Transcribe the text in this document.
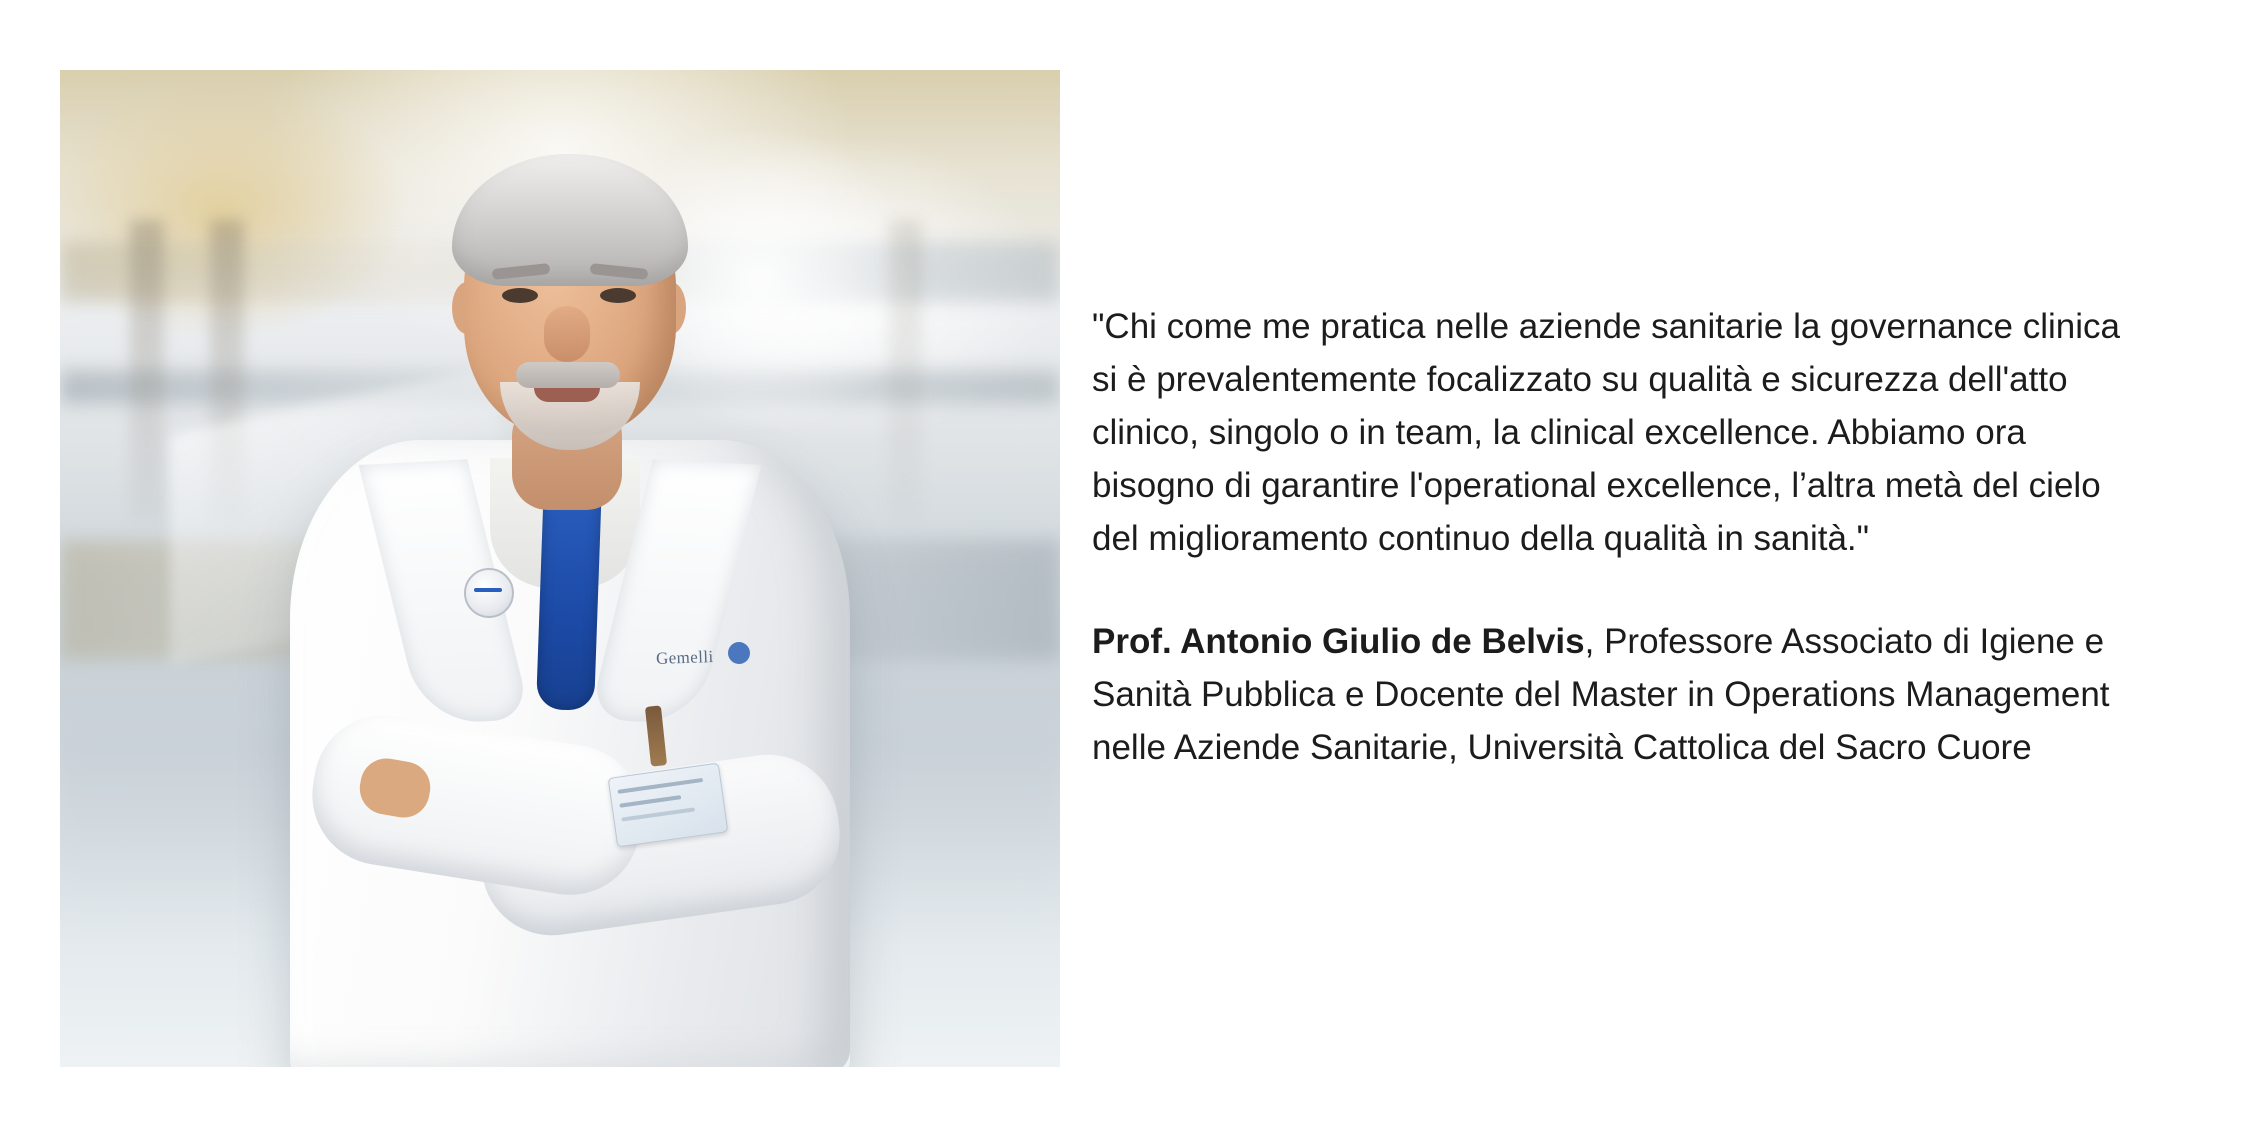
Gemelli

"Chi come me pratica nelle aziende sanitarie la governance clinica si è prevalentemente focalizzato su qualità e sicurezza dell'atto clinico, singolo o in team, la clinical excellence. Abbiamo ora bisogno di garantire l'operational excellence, l’altra metà del cielo del miglioramento continuo della qualità in sanità."

Prof. Antonio Giulio de Belvis, Professore Associato di Igiene e Sanità Pubblica e Docente del Master in Operations Management nelle Aziende Sanitarie, Università Cattolica del Sacro Cuore
